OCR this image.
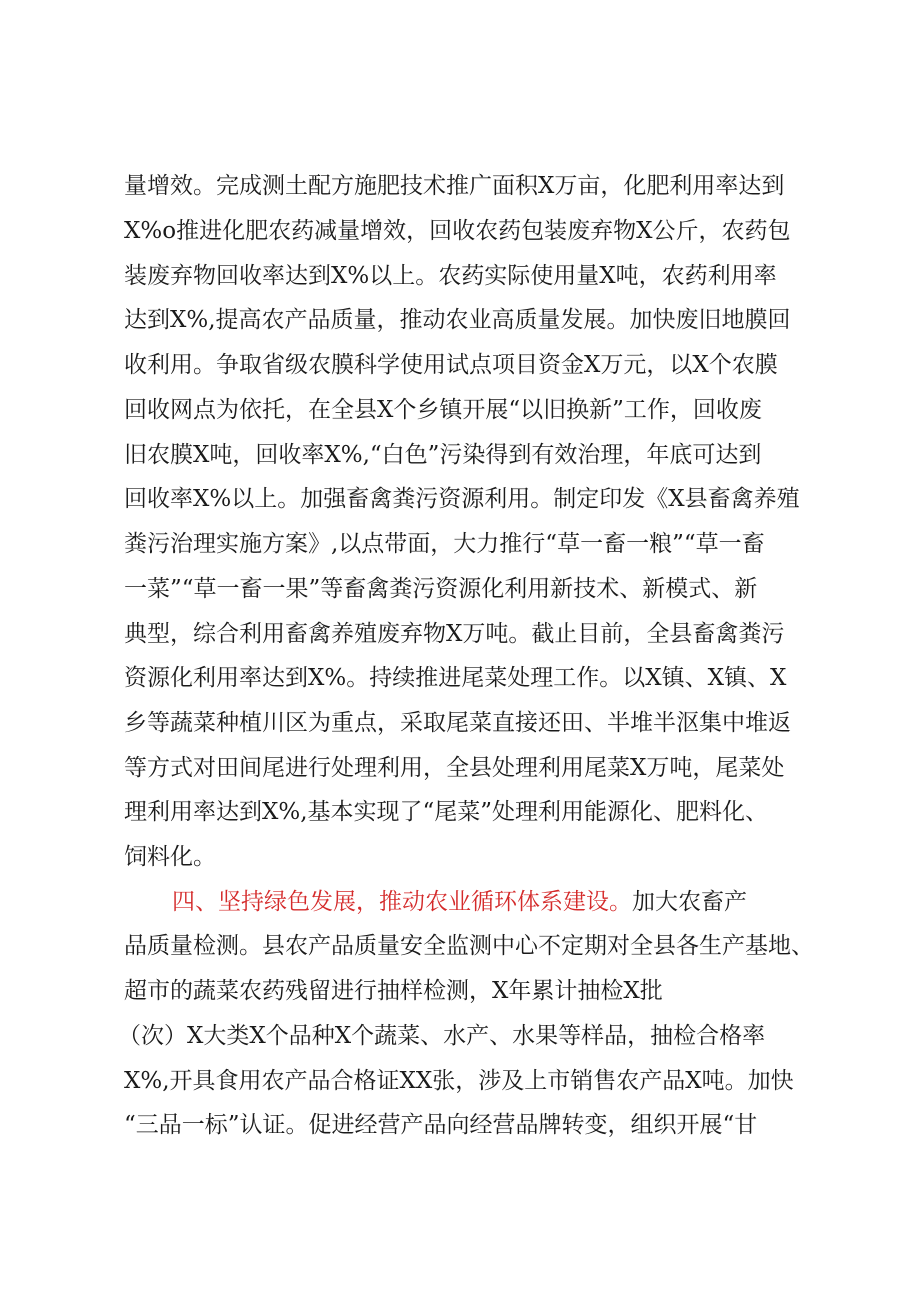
量增效。完成测土配方施肥技术推广面积X万亩，化肥利用率达到
X%o推进化肥农药减量增效，回收农药包装废弃物X公斤，农药包
装废弃物回收率达到X%以上。农药实际使用量X吨，农药利用率
达到X%,提高农产品质量，推动农业高质量发展。加快废旧地膜回
收利用。争取省级农膜科学使用试点项目资金X万元，以X个农膜
回收网点为依托，在全县X个乡镇开展“以旧换新”工作，回收废
旧农膜X吨，回收率X%,“白色”污染得到有效治理，年底可达到
回收率X%以上。加强畜禽粪污资源利用。制定印发《X县畜禽养殖
粪污治理实施方案》,以点带面，大力推行“草一畜一粮”“草一畜
一菜”“草一畜一果”等畜禽粪污资源化利用新技术、新模式、新
典型，综合利用畜禽养殖废弃物X万吨。截止目前，全县畜禽粪污
资源化利用率达到X%。持续推进尾菜处理工作。以X镇、X镇、X
乡等蔬菜种植川区为重点，采取尾菜直接还田、半堆半沤集中堆返
等方式对田间尾进行处理利用，全县处理利用尾菜X万吨，尾菜处
理利用率达到X%,基本实现了“尾菜”处理利用能源化、肥料化、
饲料化。
四、坚持绿色发展，推动农业循环体系建设。加大农畜产
品质量检测。县农产品质量安全监测中心不定期对全县各生产基地、
超市的蔬菜农药残留进行抽样检测，X年累计抽检X批
（次）X大类X个品种X个蔬菜、水产、水果等样品，抽检合格率
X%,开具食用农产品合格证XX张，涉及上市销售农产品X吨。加快
“三品一标”认证。促进经营产品向经营品牌转变，组织开展“甘
